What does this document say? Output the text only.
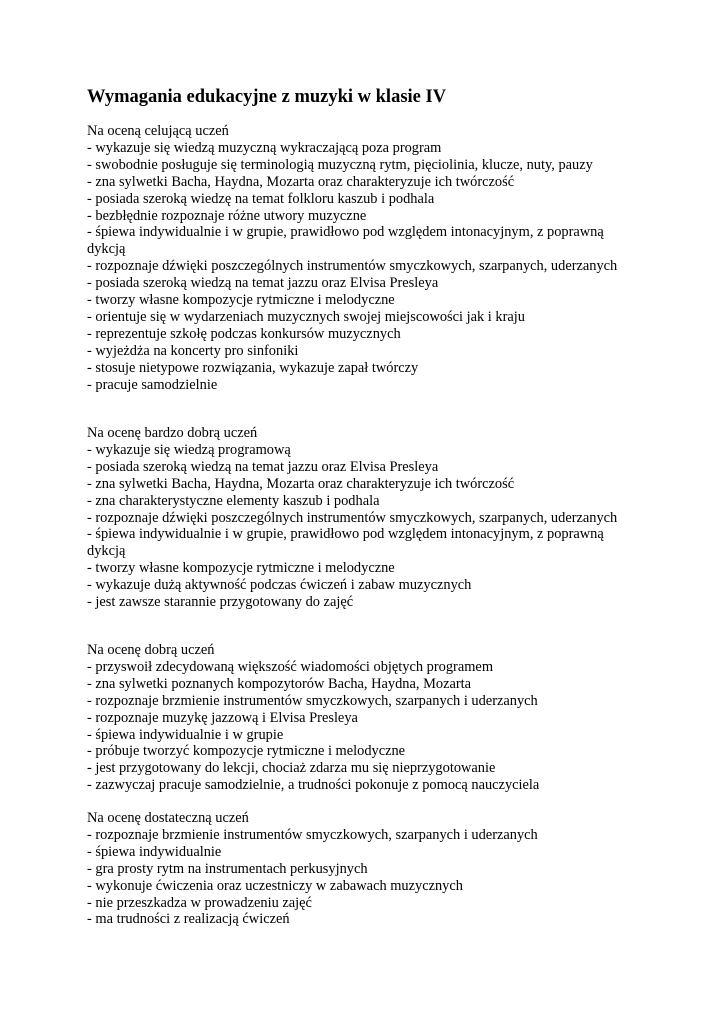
Wymagania edukacyjne z muzyki w klasie IV
Na oceną celującą uczeń
- wykazuje się wiedzą muzyczną wykraczającą poza program
- swobodnie posługuje się terminologią muzyczną rytm, pięciolinia, klucze, nuty, pauzy
- zna sylwetki Bacha, Haydna, Mozarta oraz charakteryzuje ich twórczość
- posiada szeroką wiedzę na temat folkloru kaszub i podhala
- bezbłędnie rozpoznaje różne utwory muzyczne
- śpiewa indywidualnie i w grupie, prawidłowo pod względem intonacyjnym, z poprawną
dykcją
- rozpoznaje dźwięki poszczególnych instrumentów smyczkowych, szarpanych, uderzanych
- posiada szeroką wiedzą na temat jazzu oraz Elvisa Presleya
- tworzy własne kompozycje rytmiczne i melodyczne
- orientuje się w wydarzeniach muzycznych swojej miejscowości jak i kraju
- reprezentuje szkołę podczas konkursów muzycznych
- wyjeżdża na koncerty pro sinfoniki
- stosuje nietypowe rozwiązania, wykazuje zapał twórczy
- pracuje samodzielnie
Na ocenę bardzo dobrą uczeń
- wykazuje się wiedzą programową
- posiada szeroką wiedzą na temat jazzu oraz Elvisa Presleya
- zna sylwetki Bacha, Haydna, Mozarta oraz charakteryzuje ich twórczość
- zna charakterystyczne elementy kaszub i podhala
- rozpoznaje dźwięki poszczególnych instrumentów smyczkowych, szarpanych, uderzanych
- śpiewa indywidualnie i w grupie, prawidłowo pod względem intonacyjnym, z poprawną
dykcją
- tworzy własne kompozycje rytmiczne i melodyczne
- wykazuje dużą aktywność podczas ćwiczeń i zabaw muzycznych
- jest zawsze starannie przygotowany do zajęć
Na ocenę dobrą uczeń
- przyswoił zdecydowaną większość wiadomości objętych programem
- zna sylwetki poznanych kompozytorów Bacha, Haydna, Mozarta
- rozpoznaje brzmienie instrumentów smyczkowych, szarpanych i uderzanych
- rozpoznaje muzykę jazzową i Elvisa Presleya
- śpiewa indywidualnie i w grupie
- próbuje tworzyć kompozycje rytmiczne i melodyczne
- jest przygotowany do lekcji, chociaż zdarza mu się nieprzygotowanie
- zazwyczaj pracuje samodzielnie, a trudności pokonuje z pomocą nauczyciela
Na ocenę dostateczną uczeń
- rozpoznaje brzmienie instrumentów smyczkowych, szarpanych i uderzanych
- śpiewa indywidualnie
- gra prosty rytm na instrumentach perkusyjnych
- wykonuje ćwiczenia oraz uczestniczy w zabawach muzycznych
- nie przeszkadza w prowadzeniu zajęć
- ma trudności z realizacją ćwiczeń
